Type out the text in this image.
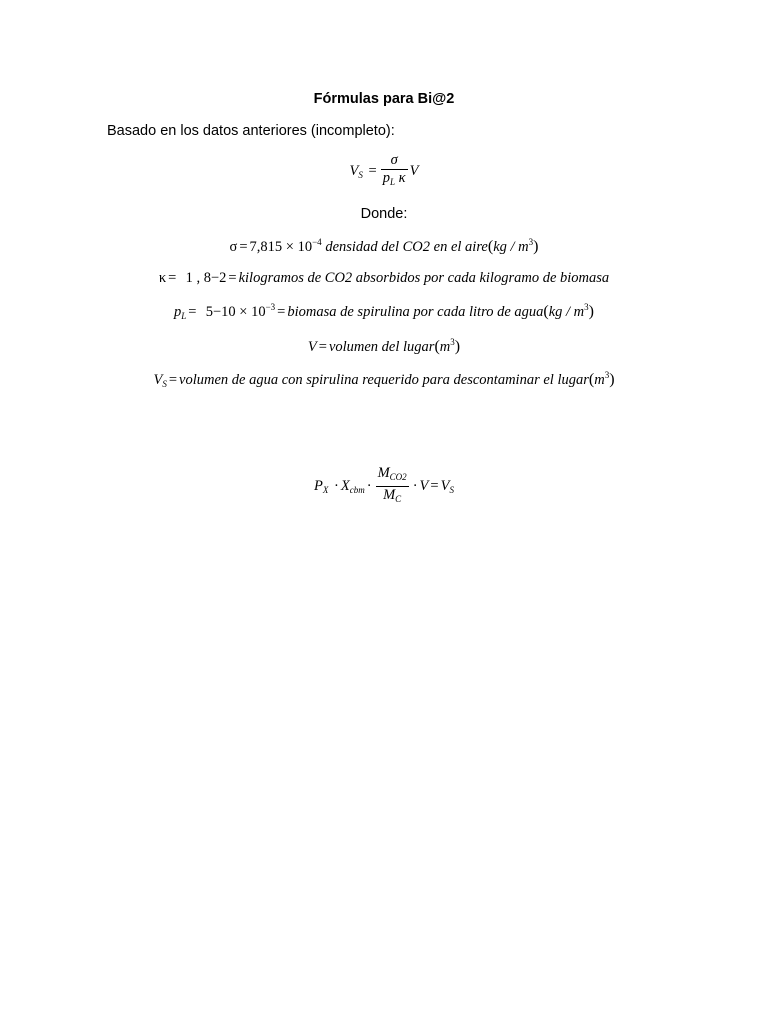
Fórmulas para Bi@2
Basado en los datos anteriores (incompleto):
$V_S = \frac{\sigma}{p_L \kappa}$ V
Donde:
$\sigma = 7,815 \times 10^{-4}$ densidad del CO2 en el aire(kg / $m^3$)
κ = 1 , 8−2 = kilogramos de CO2 absorbidos por cada kilogramo de biomasa
$p_L = 5-10 \times 10^{-3}$ = biomasa de spirulina por cada litro de agua(kg / $m^3$)
V = volumen del $lugar(m^3)$
$V_S$ = volumen de agua con spirulina requerido para descontaminar el $lugar(m^3)$
$P_X \cdot X_{cbm} \cdot \frac{M_{CO2}}{M_C} \cdot V = V_S$
